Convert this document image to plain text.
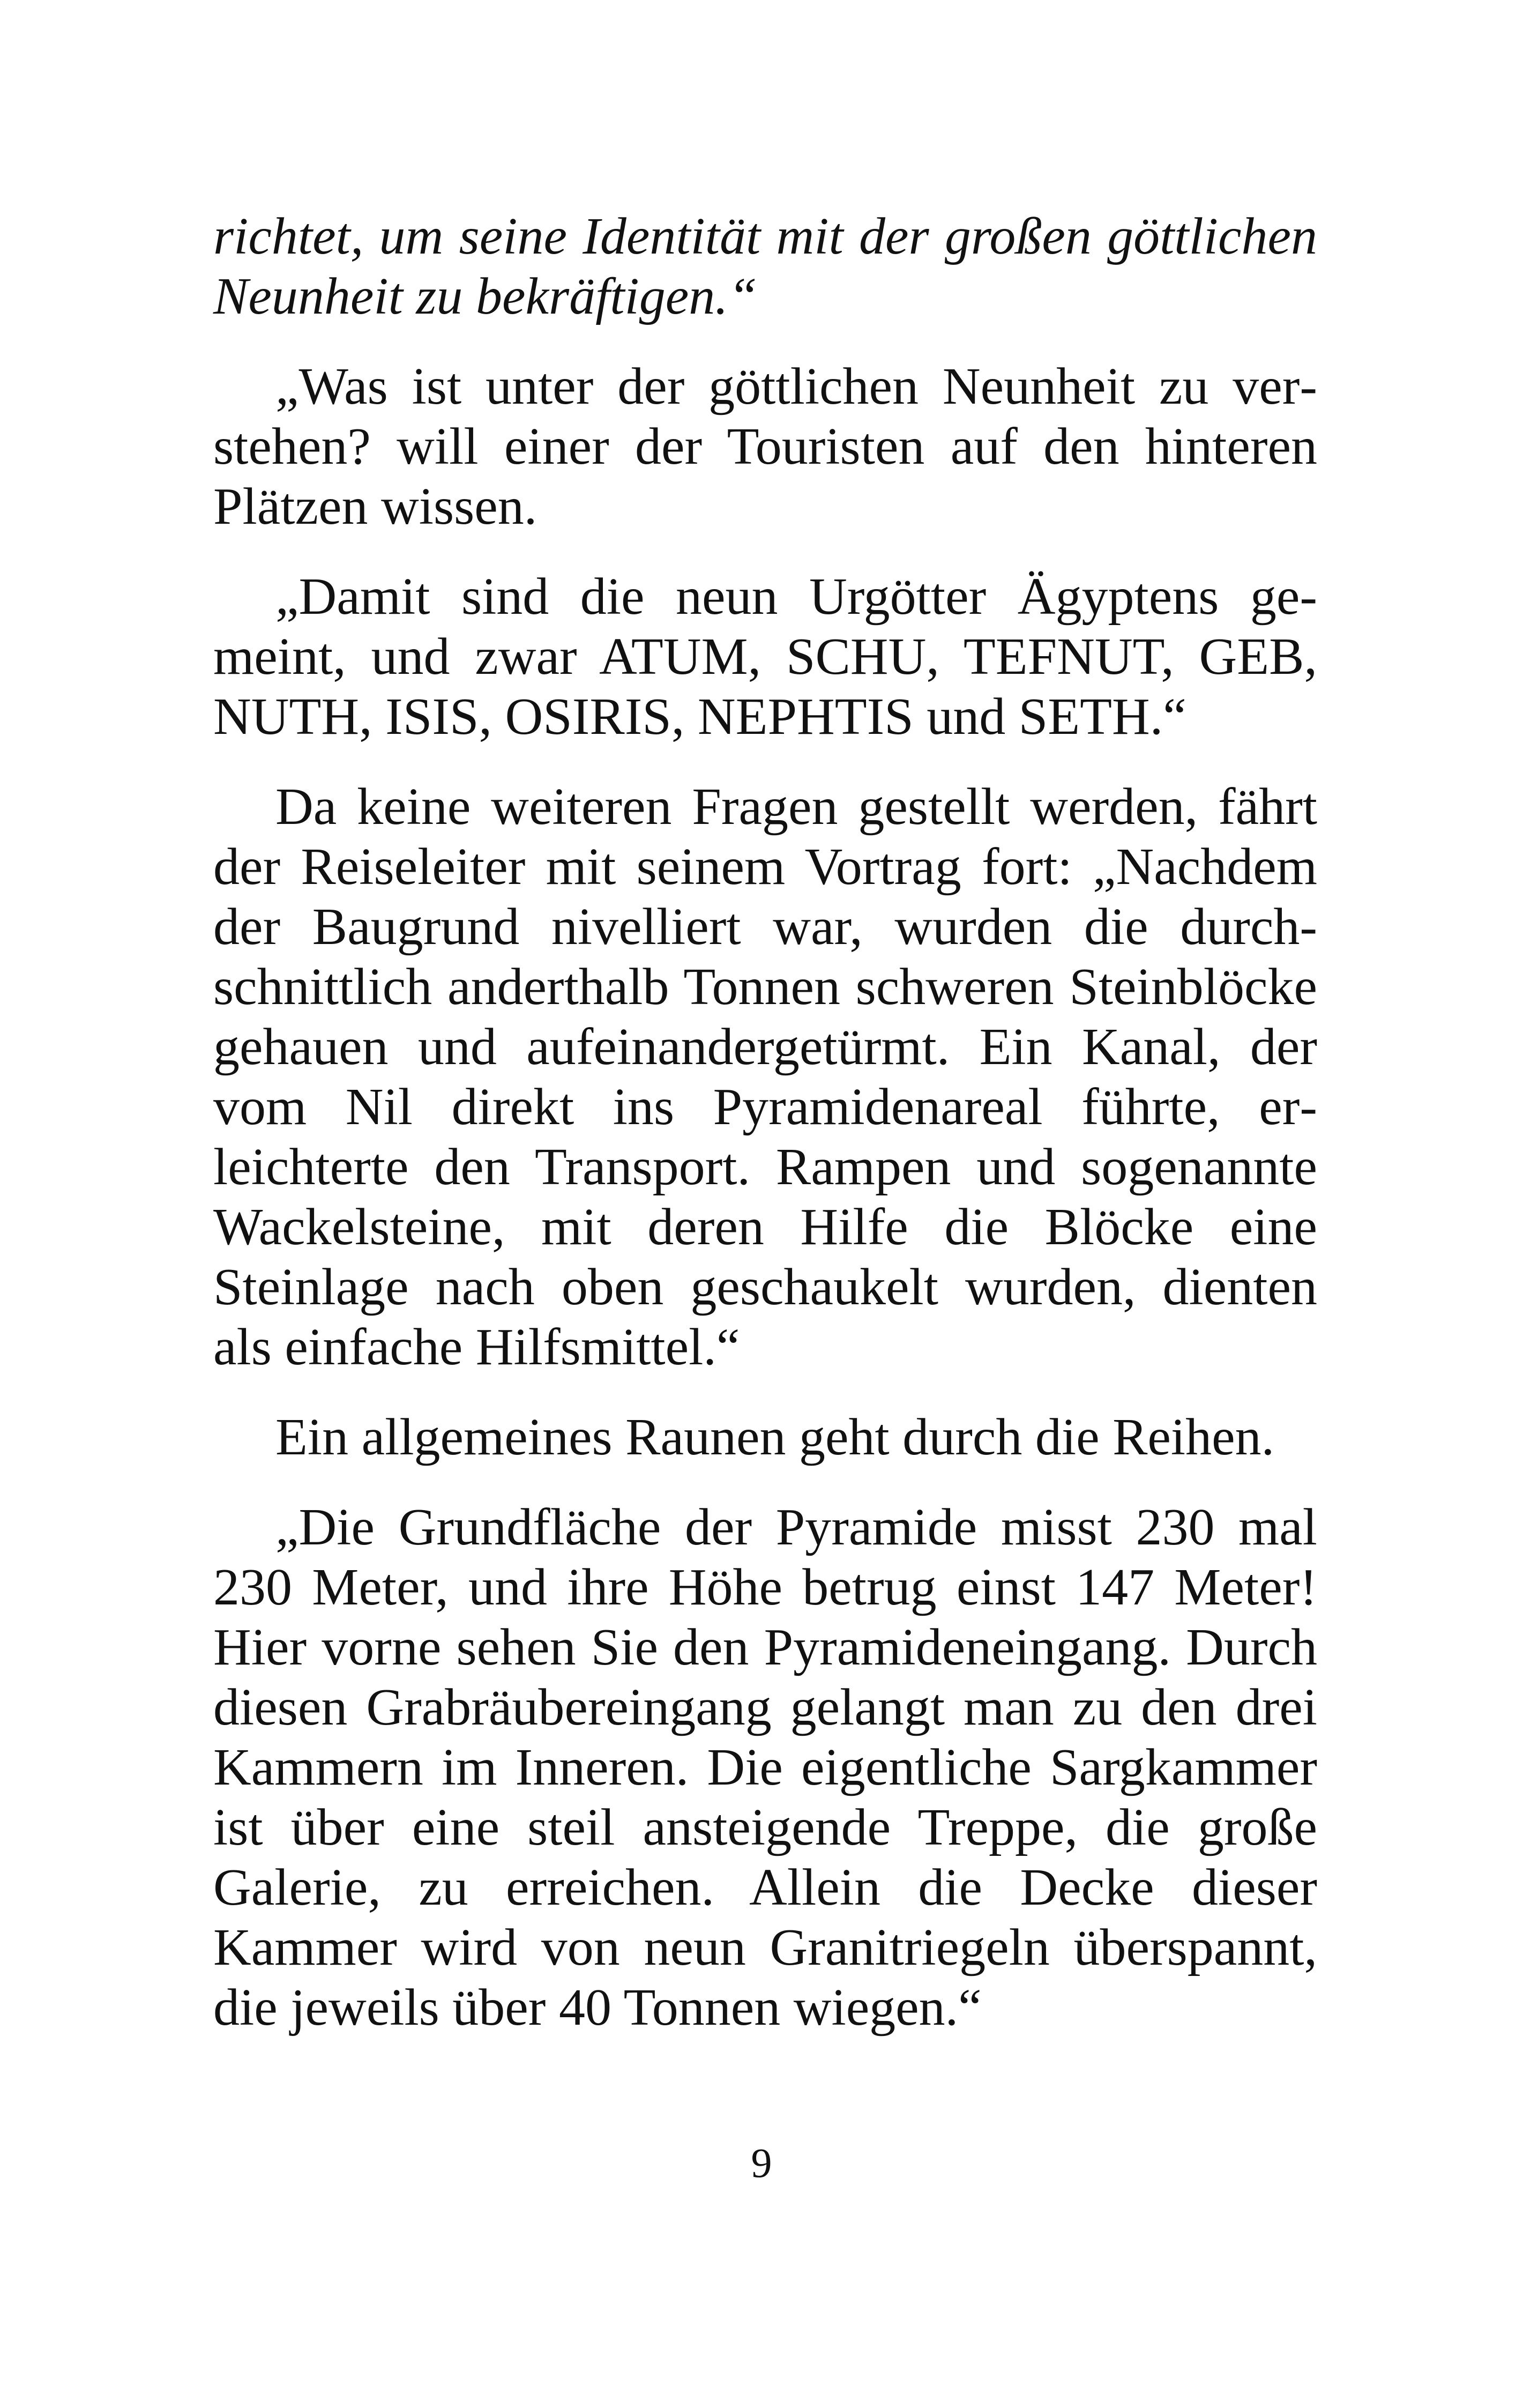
richtet, um seine Identität mit der großen göttlichen Neunheit zu bekräftigen.“

„Was ist unter der göttlichen Neunheit zu verstehen? will einer der Touristen auf den hinteren Plätzen wissen.

„Damit sind die neun Urgötter Ägyptens gemeint, und zwar ATUM, SCHU, TEFNUT, GEB, NUTH, ISIS, OSIRIS, NEPHTIS und SETH.“

Da keine weiteren Fragen gestellt werden, fährt der Reiseleiter mit seinem Vortrag fort: „Nachdem der Baugrund nivelliert war, wurden die durchschnittlich anderthalb Tonnen schweren Steinblöcke gehauen und aufeinandergetürmt. Ein Kanal, der vom Nil direkt ins Pyramidenareal führte, erleichterte den Transport. Rampen und sogenannte Wackelsteine, mit deren Hilfe die Blöcke eine Steinlage nach oben geschaukelt wurden, dienten als einfache Hilfsmittel.“

Ein allgemeines Raunen geht durch die Reihen.

„Die Grundfläche der Pyramide misst 230 mal 230 Meter, und ihre Höhe betrug einst 147 Meter! Hier vorne sehen Sie den Pyramideneingang. Durch diesen Grabräubereingang gelangt man zu den drei Kammern im Inneren. Die eigentliche Sargkammer ist über eine steil ansteigende Treppe, die große Galerie, zu erreichen. Allein die Decke dieser Kammer wird von neun Granitriegeln überspannt, die jeweils über 40 Tonnen wiegen.“

9
